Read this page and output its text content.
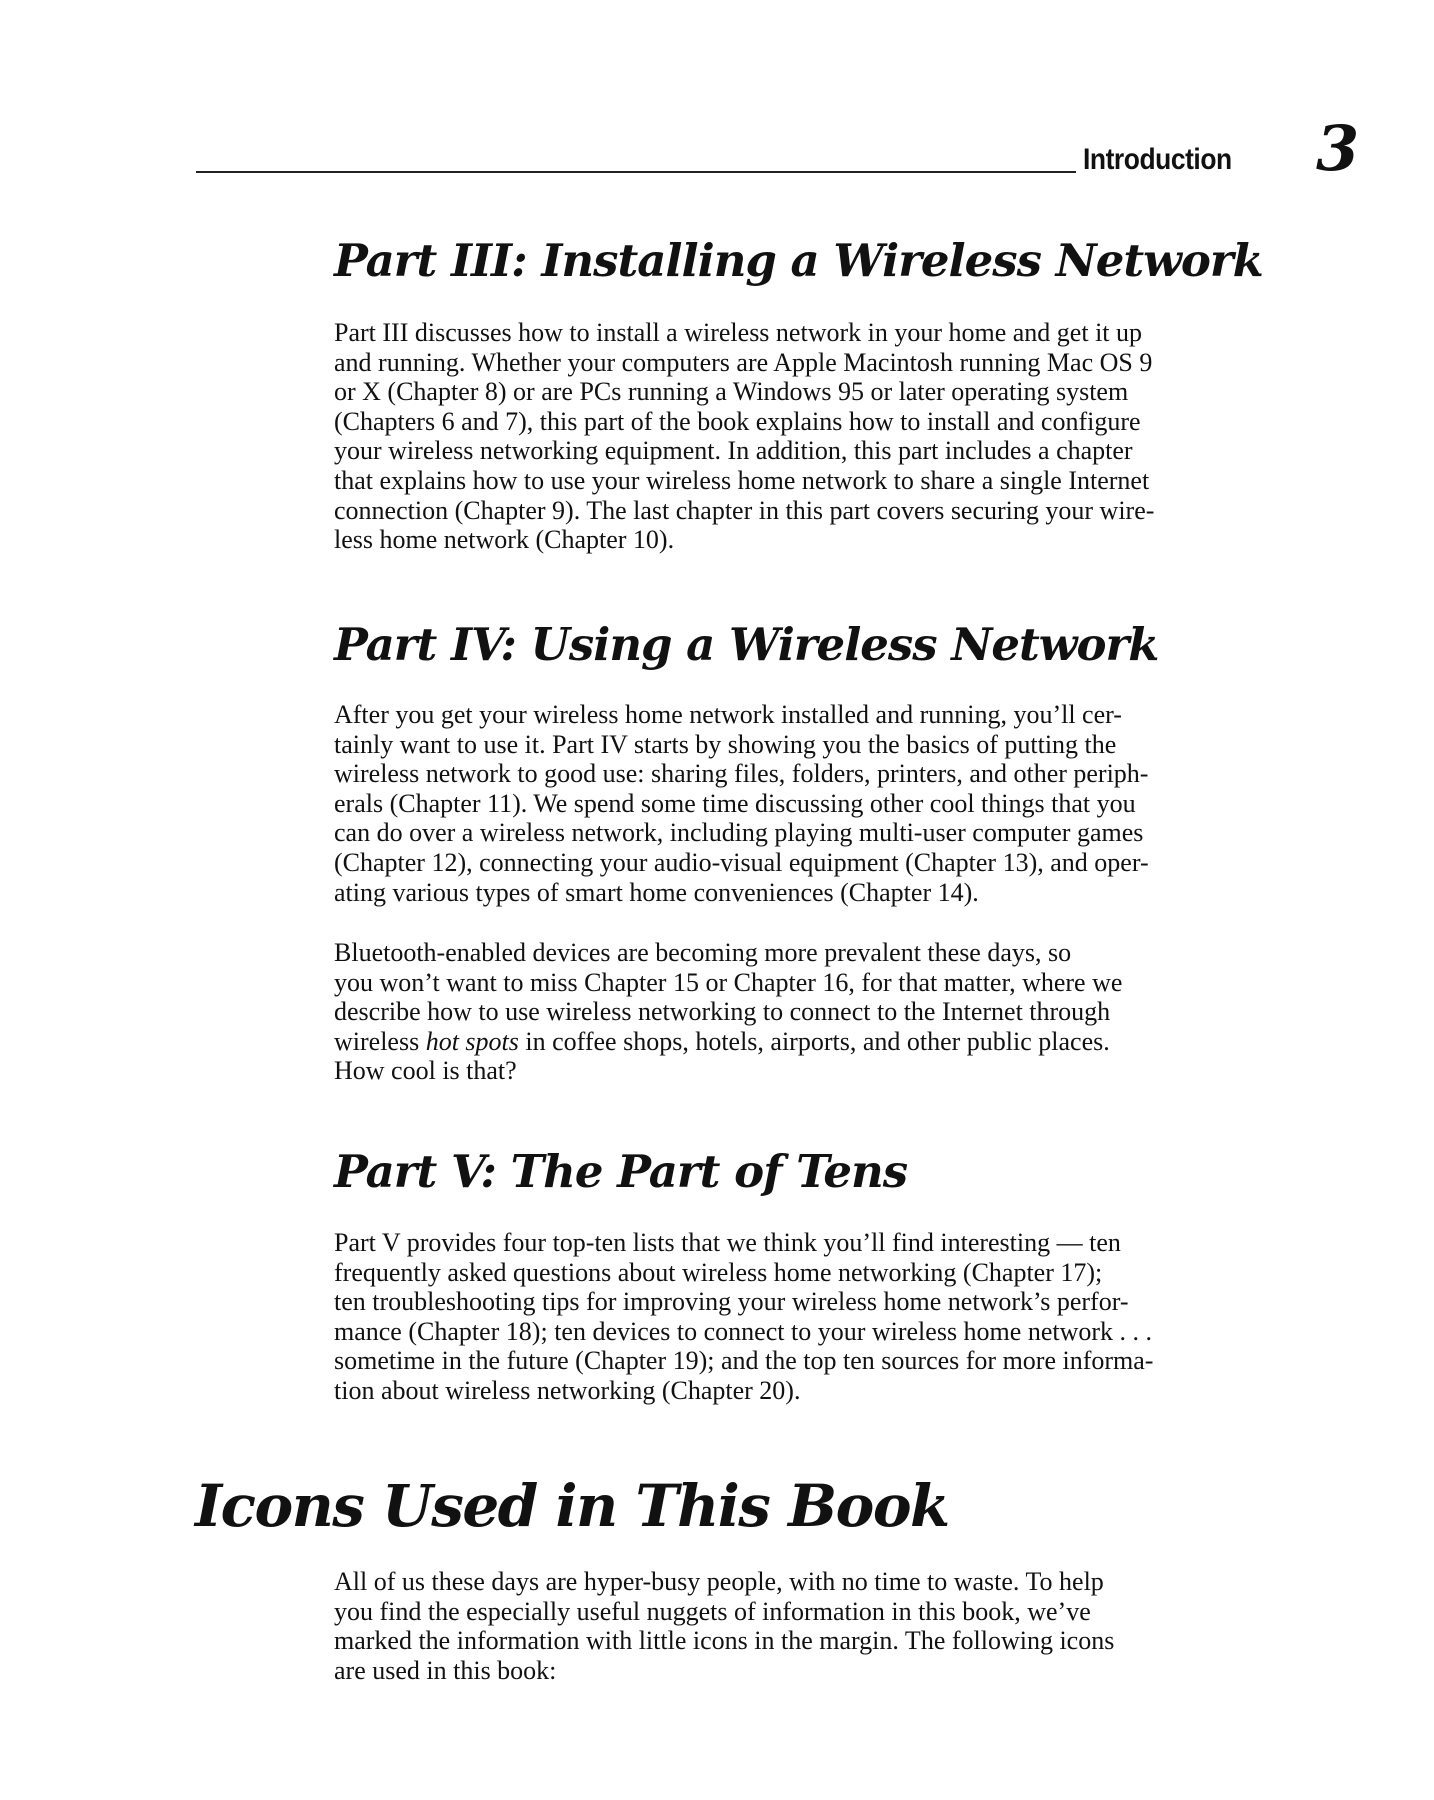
Introduction 3
Part III: Installing a Wireless Network

Part III discusses how to install a wireless network in your home and get it up
and running. Whether your computers are Apple Macintosh running Mac OS 9
or X (Chapter 8) or are PCs running a Windows 95 or later operating system
(Chapters 6 and 7), this part of the book explains how to install and configure
your wireless networking equipment. In addition, this part includes a chapter
that explains how to use your wireless home network to share a single Internet
connection (Chapter 9). The last chapter in this part covers securing your wire-
less home network (Chapter 10).

Part IV: Using a Wireless Network

After you get your wireless home network installed and running, you’ll cer-
tainly want to use it. Part IV starts by showing you the basics of putting the
wireless network to good use: sharing files, folders, printers, and other periph-
erals (Chapter 11). We spend some time discussing other cool things that you
can do over a wireless network, including playing multi-user computer games
(Chapter 12), connecting your audio-visual equipment (Chapter 13), and oper-
ating various types of smart home conveniences (Chapter 14).

Bluetooth-enabled devices are becoming more prevalent these days, so
you won’t want to miss Chapter 15 or Chapter 16, for that matter, where we
describe how to use wireless networking to connect to the Internet through
wireless hot spots in coffee shops, hotels, airports, and other public places.
How cool is that?

Part V: The Part of Tens

Part V provides four top-ten lists that we think you’ll find interesting — ten
frequently asked questions about wireless home networking (Chapter 17);
ten troubleshooting tips for improving your wireless home network’s perfor-
mance (Chapter 18); ten devices to connect to your wireless home network . . .
sometime in the future (Chapter 19); and the top ten sources for more informa-
tion about wireless networking (Chapter 20).

Icons Used in This Book

All of us these days are hyper-busy people, with no time to waste. To help
you find the especially useful nuggets of information in this book, we’ve
marked the information with little icons in the margin. The following icons
are used in this book:
